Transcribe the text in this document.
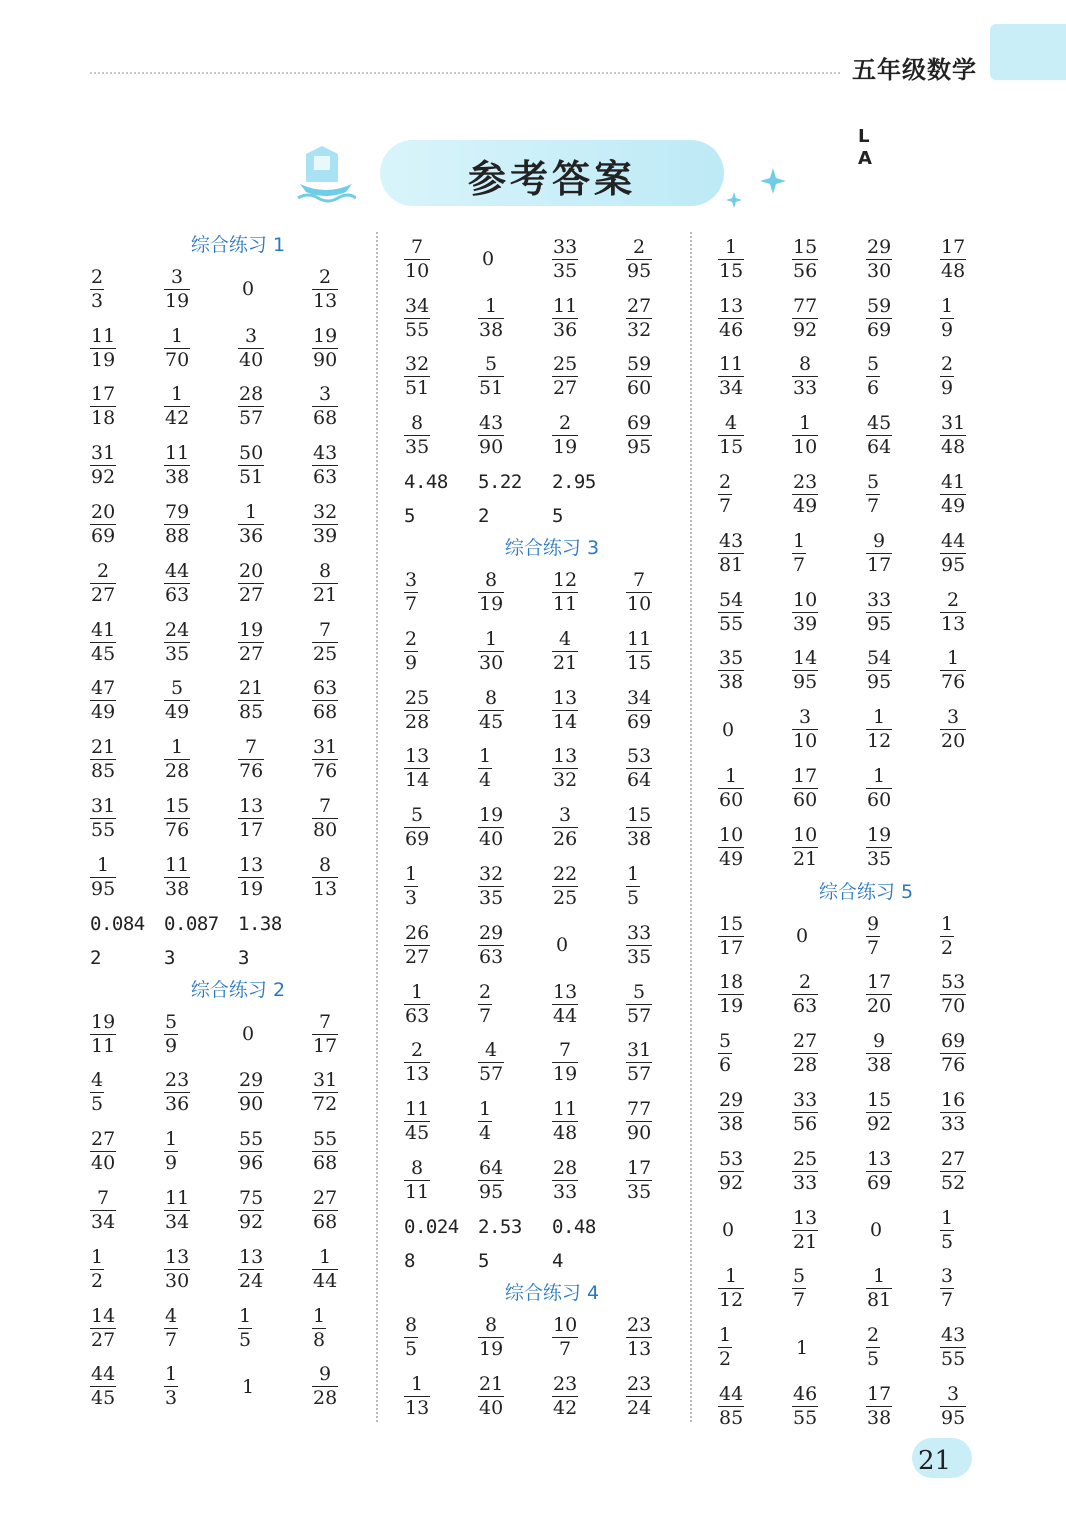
五年级数学
参考答案
L
A
综合练习 1
$\frac{2}{3}$	$\frac{3}{19}$	0	$\frac{2}{13}$
$\frac{11}{19}$	$\frac{1}{70}$	$\frac{3}{40}$	$\frac{19}{90}$
$\frac{17}{18}$	$\frac{1}{42}$	$\frac{28}{57}$	$\frac{3}{68}$
$\frac{31}{92}$	$\frac{11}{38}$	$\frac{50}{51}$	$\frac{43}{63}$
$\frac{20}{69}$	$\frac{79}{88}$	$\frac{1}{36}$	$\frac{32}{39}$
$\frac{2}{27}$	$\frac{44}{63}$	$\frac{20}{27}$	$\frac{8}{21}$
$\frac{41}{45}$	$\frac{24}{35}$	$\frac{19}{27}$	$\frac{7}{25}$
$\frac{47}{49}$	$\frac{5}{49}$	$\frac{21}{85}$	$\frac{63}{68}$
$\frac{21}{85}$	$\frac{1}{28}$	$\frac{7}{76}$	$\frac{31}{76}$
$\frac{31}{55}$	$\frac{15}{76}$	$\frac{13}{17}$	$\frac{7}{80}$
$\frac{1}{95}$	$\frac{11}{38}$	$\frac{13}{19}$	$\frac{8}{13}$
0.084 0.087 1.38
2	3	3
综合练习 2
$\frac{19}{11}$	$\frac{5}{9}$	0	$\frac{7}{17}$
$\frac{4}{5}$	$\frac{23}{36}$	$\frac{29}{90}$	$\frac{31}{72}$
$\frac{27}{40}$	$\frac{1}{9}$	$\frac{55}{96}$	$\frac{55}{68}$
$\frac{7}{34}$	$\frac{11}{34}$	$\frac{75}{92}$	$\frac{27}{68}$
$\frac{1}{2}$	$\frac{13}{30}$	$\frac{13}{24}$	$\frac{1}{44}$
$\frac{14}{27}$	$\frac{4}{7}$	$\frac{1}{5}$	$\frac{1}{8}$
$\frac{44}{45}$	$\frac{1}{3}$	1	$\frac{9}{28}$
$\frac{7}{10}$	0	$\frac{33}{35}$	$\frac{2}{95}$
$\frac{34}{55}$	$\frac{1}{38}$	$\frac{11}{36}$	$\frac{27}{32}$
$\frac{32}{51}$	$\frac{5}{51}$	$\frac{25}{27}$	$\frac{59}{60}$
$\frac{8}{35}$	$\frac{43}{90}$	$\frac{2}{19}$	$\frac{69}{95}$
4.48 5.22 2.95
5	2	5
综合练习 3
$\frac{3}{7}$	$\frac{8}{19}$	$\frac{12}{11}$	$\frac{7}{10}$
$\frac{2}{9}$	$\frac{1}{30}$	$\frac{4}{21}$	$\frac{11}{15}$
$\frac{25}{28}$	$\frac{8}{45}$	$\frac{13}{14}$	$\frac{34}{69}$
$\frac{13}{14}$	$\frac{1}{4}$	$\frac{13}{32}$	$\frac{53}{64}$
$\frac{5}{69}$	$\frac{19}{40}$	$\frac{3}{26}$	$\frac{15}{38}$
$\frac{1}{3}$	$\frac{32}{35}$	$\frac{22}{25}$	$\frac{1}{5}$
$\frac{26}{27}$	$\frac{29}{63}$	0	$\frac{33}{35}$
$\frac{1}{63}$	$\frac{2}{7}$	$\frac{13}{44}$	$\frac{5}{57}$
$\frac{2}{13}$	$\frac{4}{57}$	$\frac{7}{19}$	$\frac{31}{57}$
$\frac{11}{45}$	$\frac{1}{4}$	$\frac{11}{48}$	$\frac{77}{90}$
$\frac{8}{11}$	$\frac{64}{95}$	$\frac{28}{33}$	$\frac{17}{35}$
0.024 2.53 0.48
8	5	4
综合练习 4
$\frac{8}{5}$	$\frac{8}{19}$	$\frac{10}{7}$	$\frac{23}{13}$
$\frac{1}{13}$	$\frac{21}{40}$	$\frac{23}{42}$	$\frac{23}{24}$
$\frac{1}{15}$	$\frac{15}{56}$	$\frac{29}{30}$	$\frac{17}{48}$
$\frac{13}{46}$	$\frac{77}{92}$	$\frac{59}{69}$	$\frac{1}{9}$
$\frac{11}{34}$	$\frac{8}{33}$	$\frac{5}{6}$	$\frac{2}{9}$
$\frac{4}{15}$	$\frac{1}{10}$	$\frac{45}{64}$	$\frac{31}{48}$
$\frac{2}{7}$	$\frac{23}{49}$	$\frac{5}{7}$	$\frac{41}{49}$
$\frac{43}{81}$	$\frac{1}{7}$	$\frac{9}{17}$	$\frac{44}{95}$
$\frac{54}{55}$	$\frac{10}{39}$	$\frac{33}{95}$	$\frac{2}{13}$
$\frac{35}{38}$	$\frac{14}{95}$	$\frac{54}{95}$	$\frac{1}{76}$
0	$\frac{3}{10}$	$\frac{1}{12}$	$\frac{3}{20}$
$\frac{1}{60}$	$\frac{17}{60}$	$\frac{1}{60}$
$\frac{10}{49}$	$\frac{10}{21}$	$\frac{19}{35}$
综合练习 5
$\frac{15}{17}$	0	$\frac{9}{7}$	$\frac{1}{2}$
$\frac{18}{19}$	$\frac{2}{63}$	$\frac{17}{20}$	$\frac{53}{70}$
$\frac{5}{6}$	$\frac{27}{28}$	$\frac{9}{38}$	$\frac{69}{76}$
$\frac{29}{38}$	$\frac{33}{56}$	$\frac{15}{92}$	$\frac{16}{33}$
$\frac{53}{92}$	$\frac{25}{33}$	$\frac{13}{69}$	$\frac{27}{52}$
0	$\frac{13}{21}$	0	$\frac{1}{5}$
$\frac{1}{12}$	$\frac{5}{7}$	$\frac{1}{81}$	$\frac{3}{7}$
$\frac{1}{2}$	1	$\frac{2}{5}$	$\frac{43}{55}$
$\frac{44}{85}$	$\frac{46}{55}$	$\frac{17}{38}$	$\frac{3}{95}$
21
